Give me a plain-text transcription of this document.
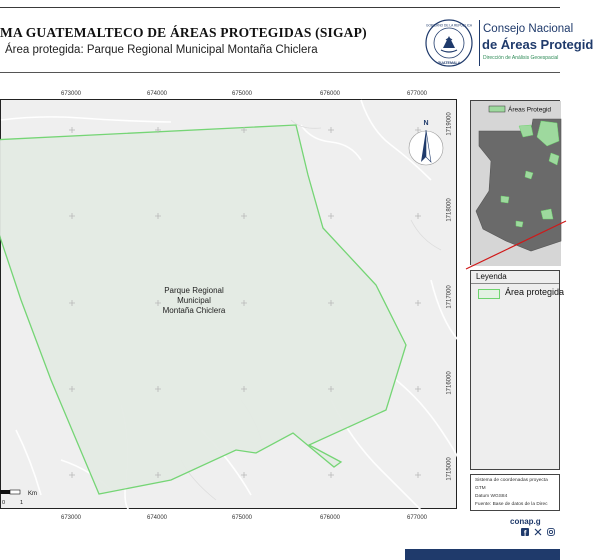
MA GUATEMALTECO DE ÁREAS PROTEGIDAS (SIGAP)
Área protegida: Parque Regional Municipal Montaña Chiclera
GOBIERNO DE LA REPÚBLICA
GUATEMALA
Consejo Nacional
de Áreas Protegid
Dirección de Análisis Geoespacial
673000	674000	675000	676000	677000
Parque Regional
Municipal
Montaña Chiclera
N	1719000
1718000
1717000
1716000
1715000
Km
0	1
673000	674000	675000	676000	677000
Áreas Protegid
Leyenda
Área protegida
Sistema de coordenadas proyecta
GTM
Datum WGS84
Fuente: Base de datos de la Direc
conap.g
